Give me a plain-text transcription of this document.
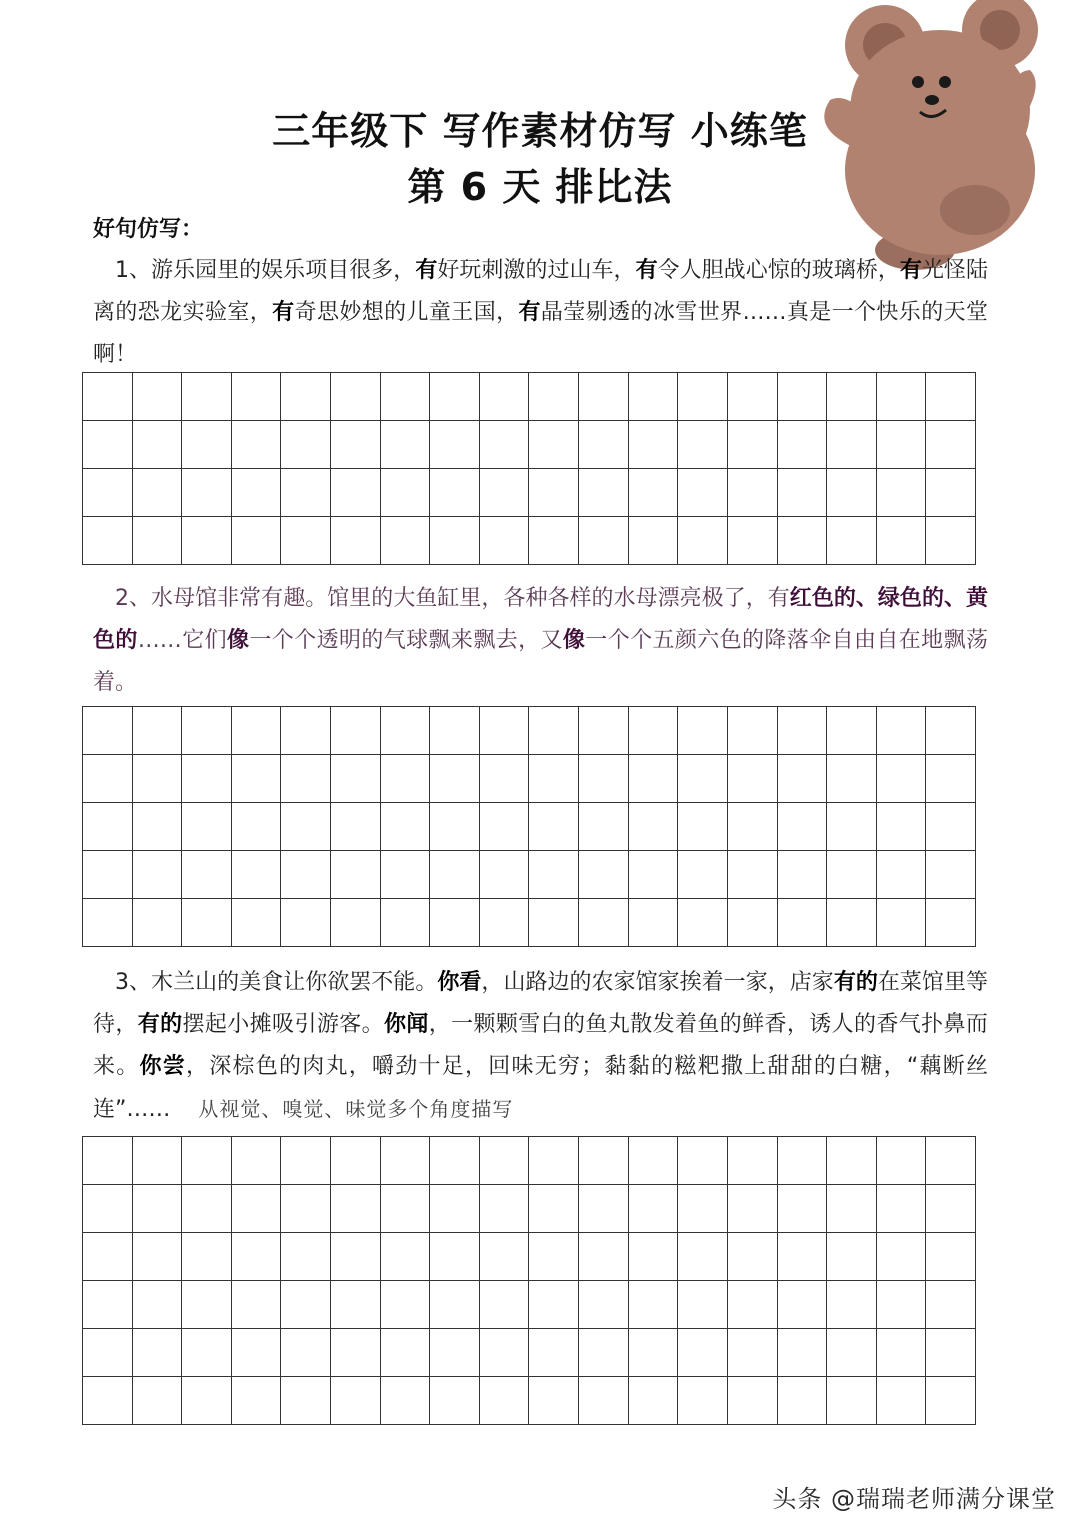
三年级下 写作素材仿写 小练笔
第 6 天 排比法
好句仿写：

1、游乐园里的娱乐项目很多，有好玩刺激的过山车，有令人胆战心惊的玻璃桥，有光怪陆离的恐龙实验室，有奇思妙想的儿童王国，有晶莹剔透的冰雪世界……真是一个快乐的天堂啊！

2、水母馆非常有趣。馆里的大鱼缸里，各种各样的水母漂亮极了，有红色的、绿色的、黄色的……它们像一个个透明的气球飘来飘去，又像一个个五颜六色的降落伞自由自在地飘荡着。

3、木兰山的美食让你欲罢不能。你看，山路边的农家馆家挨着一家，店家有的在菜馆里等待，有的摆起小摊吸引游客。你闻，一颗颗雪白的鱼丸散发着鱼的鲜香，诱人的香气扑鼻而来。你尝，深棕色的肉丸，嚼劲十足，回味无穷；黏黏的糍粑撒上甜甜的白糖，“藕断丝连”…… 从视觉、嗅觉、味觉多个角度描写

头条 @瑞瑞老师满分课堂
